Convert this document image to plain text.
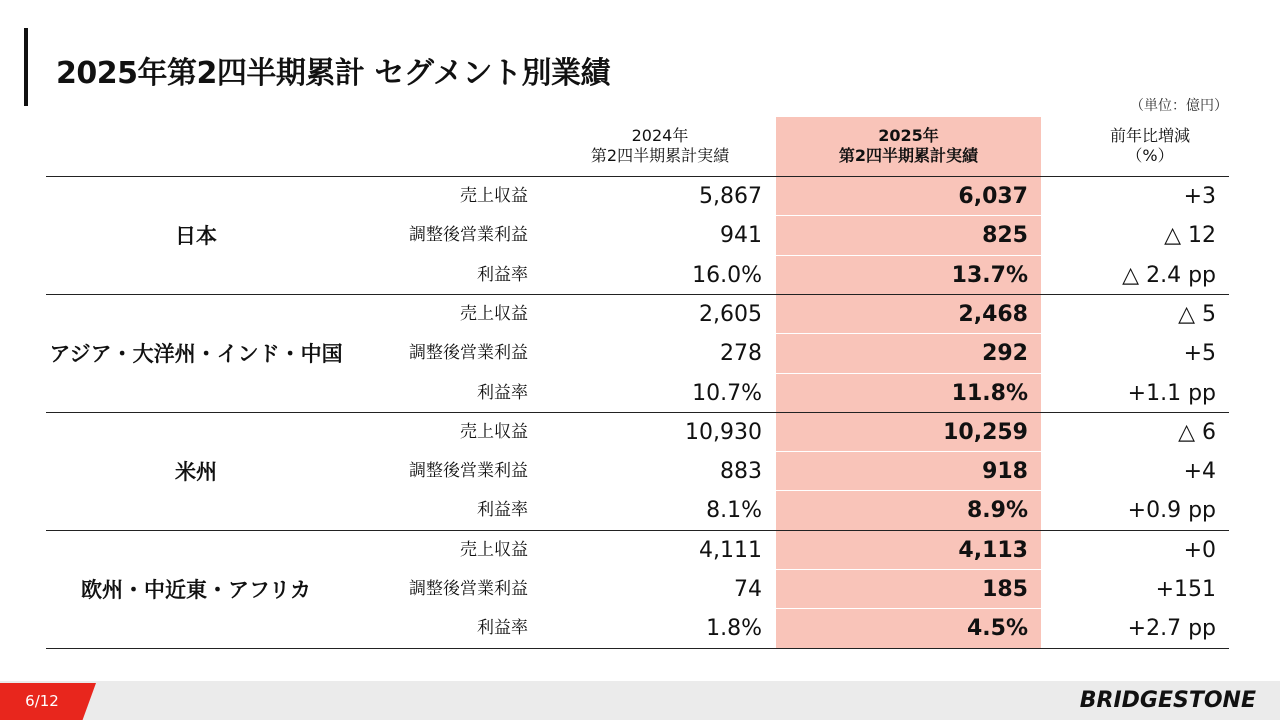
2025年第2四半期累計 セグメント別業績
（単位：億円）
2024年
第2四半期累計実績
2025年
第2四半期累計実績
前年比増減
（%）
日本
売上収益	5,867	6,037	+3
調整後営業利益	941	825	△ 12
利益率	16.0%	13.7%	△ 2.4 pp
アジア・大洋州・インド・中国
売上収益	2,605	2,468	△ 5
調整後営業利益	278	292	+5
利益率	10.7%	11.8%	+1.1 pp
米州
売上収益	10,930	10,259	△ 6
調整後営業利益	883	918	+4
利益率	8.1%	8.9%	+0.9 pp
欧州・中近東・アフリカ
売上収益	4,111	4,113	+0
調整後営業利益	74	185	+151
利益率	1.8%	4.5%	+2.7 pp
6/12	BRIDGESTONE
